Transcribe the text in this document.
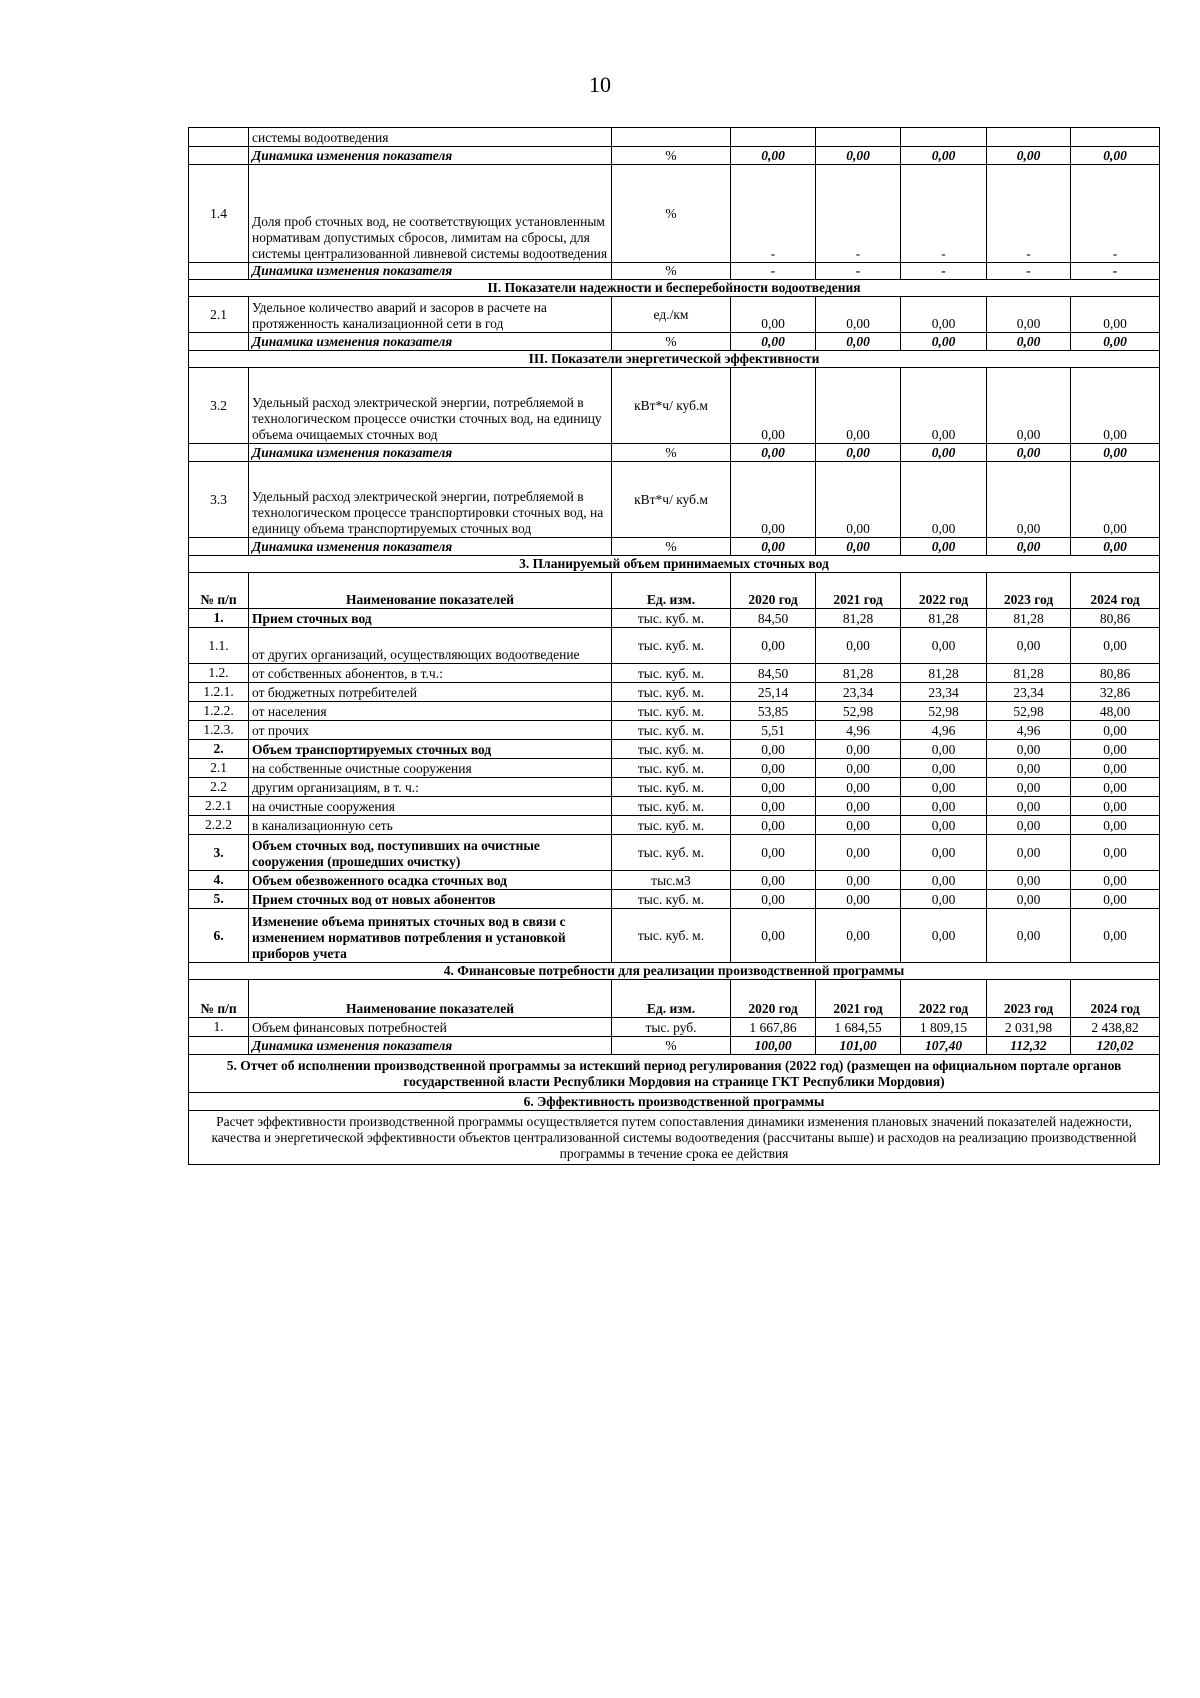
10
	системы водоотведения						
	Динамика изменения показателя	%	0,00	0,00	0,00	0,00	0,00
1.4	Доля проб сточных вод, не соответствующих установленным нормативам допустимых сбросов, лимитам на сбросы, для системы централизованной ливневой системы водоотведения	%	-	-	-	-	-
	Динамика изменения показателя	%	-	-	-	-	-
II. Показатели надежности и бесперебойности водоотведения							
2.1	Удельное количество аварий и засоров в расчете на протяженность канализационной сети в год	ед./км	0,00	0,00	0,00	0,00	0,00
	Динамика изменения показателя	%	0,00	0,00	0,00	0,00	0,00
III. Показатели энергетической эффективности							
3.2	Удельный расход электрической энергии, потребляемой в технологическом процессе очистки сточных вод, на единицу объема очищаемых сточных вод	кВт*ч/ куб.м	0,00	0,00	0,00	0,00	0,00
	Динамика изменения показателя	%	0,00	0,00	0,00	0,00	0,00
3.3	Удельный расход электрической энергии, потребляемой в технологическом процессе транспортировки сточных вод, на единицу объема транспортируемых сточных вод	кВт*ч/ куб.м	0,00	0,00	0,00	0,00	0,00
	Динамика изменения показателя	%	0,00	0,00	0,00	0,00	0,00
3. Планируемый объем принимаемых сточных вод							
№ п/п	Наименование показателей	Ед. изм.	2020 год	2021 год	2022 год	2023 год	2024 год
1.	Прием сточных вод	тыс. куб. м.	84,50	81,28	81,28	81,28	80,86
1.1.	от других организаций, осуществляющих водоотведение	тыс. куб. м.	0,00	0,00	0,00	0,00	0,00
1.2.	от собственных абонентов, в т.ч.:	тыс. куб. м.	84,50	81,28	81,28	81,28	80,86
1.2.1.	от бюджетных потребителей	тыс. куб. м.	25,14	23,34	23,34	23,34	32,86
1.2.2.	от населения	тыс. куб. м.	53,85	52,98	52,98	52,98	48,00
1.2.3.	от прочих	тыс. куб. м.	5,51	4,96	4,96	4,96	0,00
2.	Объем транспортируемых сточных вод	тыс. куб. м.	0,00	0,00	0,00	0,00	0,00
2.1	на собственные очистные сооружения	тыс. куб. м.	0,00	0,00	0,00	0,00	0,00
2.2	другим организациям, в т. ч.:	тыс. куб. м.	0,00	0,00	0,00	0,00	0,00
2.2.1	на очистные сооружения	тыс. куб. м.	0,00	0,00	0,00	0,00	0,00
2.2.2	в канализационную сеть	тыс. куб. м.	0,00	0,00	0,00	0,00	0,00
3.	Объем сточных вод, поступивших на очистные сооружения (прошедших очистку)	тыс. куб. м.	0,00	0,00	0,00	0,00	0,00
4.	Объем обезвоженного осадка сточных вод	тыс.м3	0,00	0,00	0,00	0,00	0,00
5.	Прием сточных вод от новых абонентов	тыс. куб. м.	0,00	0,00	0,00	0,00	0,00
6.	Изменение объема принятых сточных вод в связи с изменением нормативов потребления и установкой приборов учета	тыс. куб. м.	0,00	0,00	0,00	0,00	0,00
4. Финансовые потребности для реализации производственной программы							
№ п/п	Наименование показателей	Ед. изм.	2020 год	2021 год	2022 год	2023 год	2024 год
1.	Объем финансовых потребностей	тыс. руб.	1 667,86	1 684,55	1 809,15	2 031,98	2 438,82
	Динамика изменения показателя	%	100,00	101,00	107,40	112,32	120,02
5. Отчет об исполнении производственной программы за истекший период регулирования (2022 год) (размещен на официальном портале органов государственной власти Республики Мордовия на странице ГКТ Республики Мордовия)							
6. Эффективность производственной программы							
Расчет эффективности производственной программы осуществляется путем сопоставления динамики изменения плановых значений показателей надежности, качества и энергетической эффективности объектов централизованной системы водоотведения (рассчитаны выше) и расходов на реализацию производственной программы в течение срока ее действия							
